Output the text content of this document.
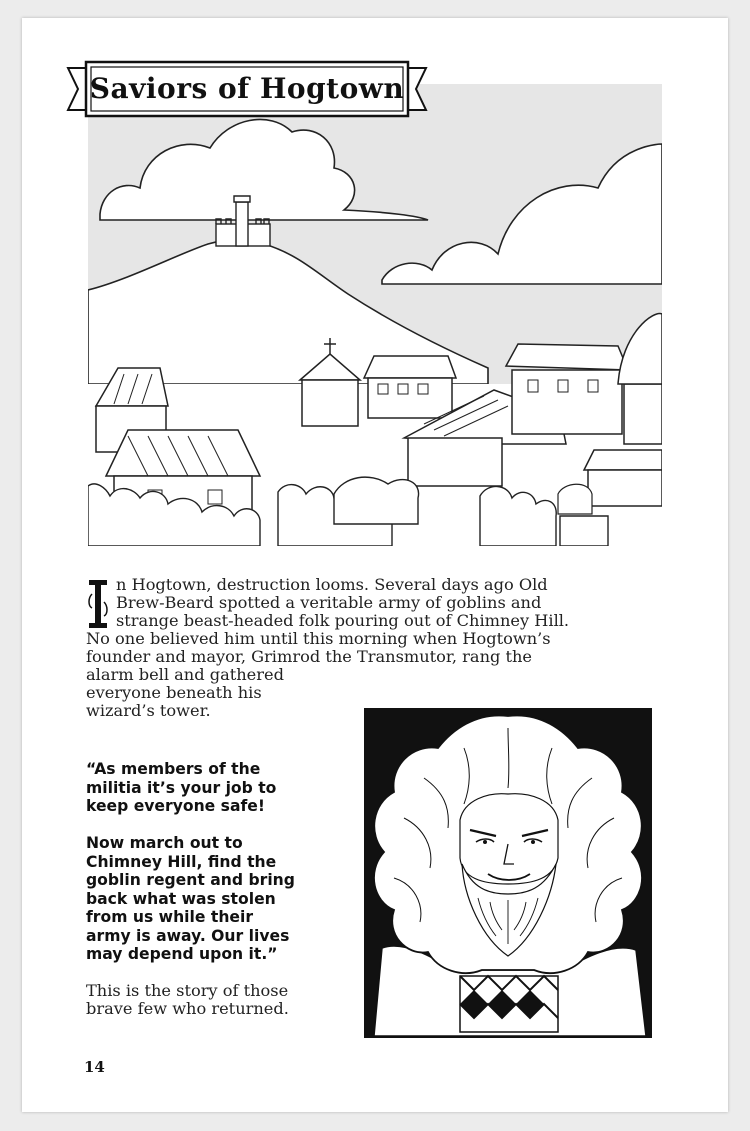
Saviors of Hogtown
n Hogtown, destruction looms. Several days ago Old
Brew-Beard spotted a veritable army of goblins and
strange beast-headed folk pouring out of Chimney Hill.
No one believed him until this morning when Hogtown’s
founder and mayor, Grimrod the Transmutor, rang the
alarm bell and gathered
everyone beneath his
wizard’s tower.
“As members of the
militia it’s your job to
keep everyone safe!
Now march out to
Chimney Hill, find the
goblin regent and bring
back what was stolen
from us while their
army is away. Our lives
may depend upon it.”
This is the story of those
brave few who returned.
14
